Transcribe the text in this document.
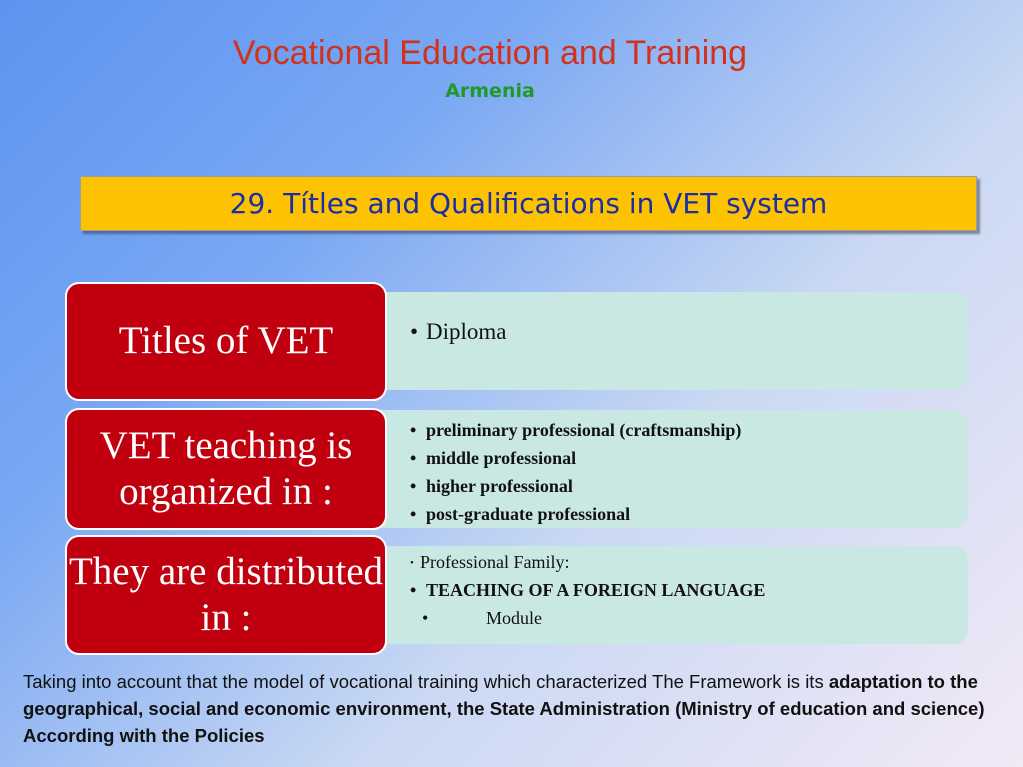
Vocational Education and Training
Armenia
29. Títles and Qualifications in VET system
Titles of VET
•	Diploma
VET teaching is organized in :
• preliminary professional (craftsmanship)
• middle professional
• higher professional
• post-graduate professional
They are distributed in :
• Professional Family:
• TEACHING OF A FOREIGN LANGUAGE
• Module
Taking into account that the model of vocational training which characterized The Framework is its adaptation to the geographical, social and economic environment, the State Administration (Ministry of education and science) According with the Policies
